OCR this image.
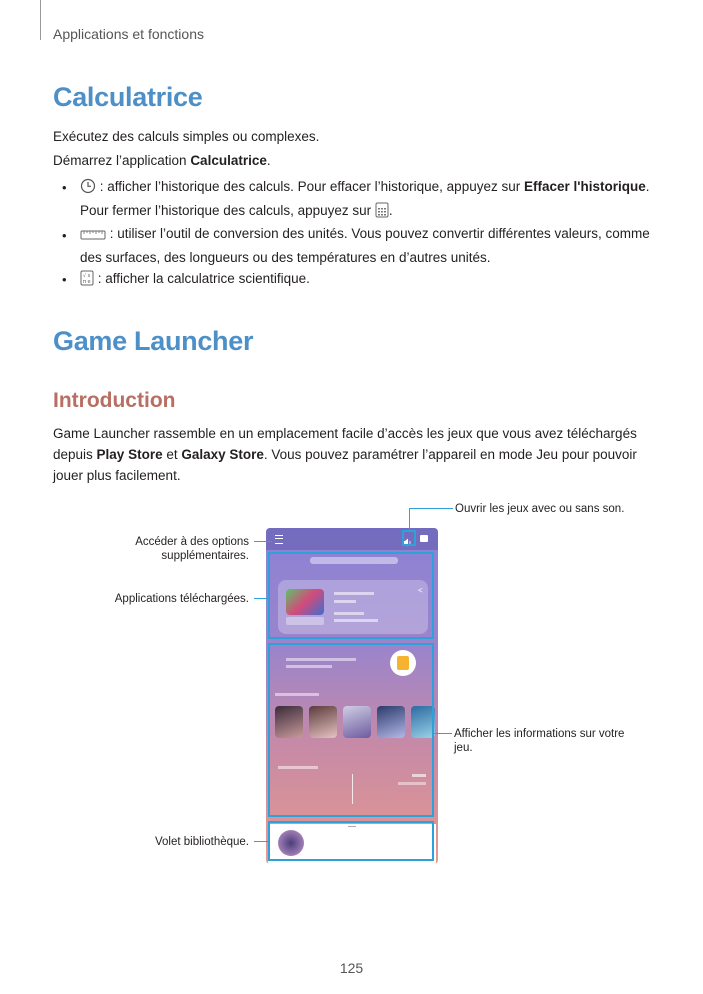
Applications et fonctions
Calculatrice
Exécutez des calculs simples ou complexes.
Démarrez l’application Calculatrice.
•	: afficher l’historique des calculs. Pour effacer l’historique, appuyez sur Effacer l'historique.
Pour fermer l’historique des calculs, appuyez sur .
•	: utiliser l’outil de conversion des unités. Vous pouvez convertir différentes valeurs, comme
des surfaces, des longueurs ou des températures en d’autres unités.
•	√ x
π e : afficher la calculatrice scientifique.
Game Launcher
Introduction
Game Launcher rassemble en un emplacement facile d’accès les jeux que vous avez téléchargés
depuis Play Store et Galaxy Store. Vous pouvez paramétrer l’appareil en mode Jeu pour pouvoir
jouer plus facilement.
<
Ouvrir les jeux avec ou sans son.
Accéder à des options
supplémentaires.
Applications téléchargées.
Afficher les informations sur votre
jeu.
Volet bibliothèque.
125
